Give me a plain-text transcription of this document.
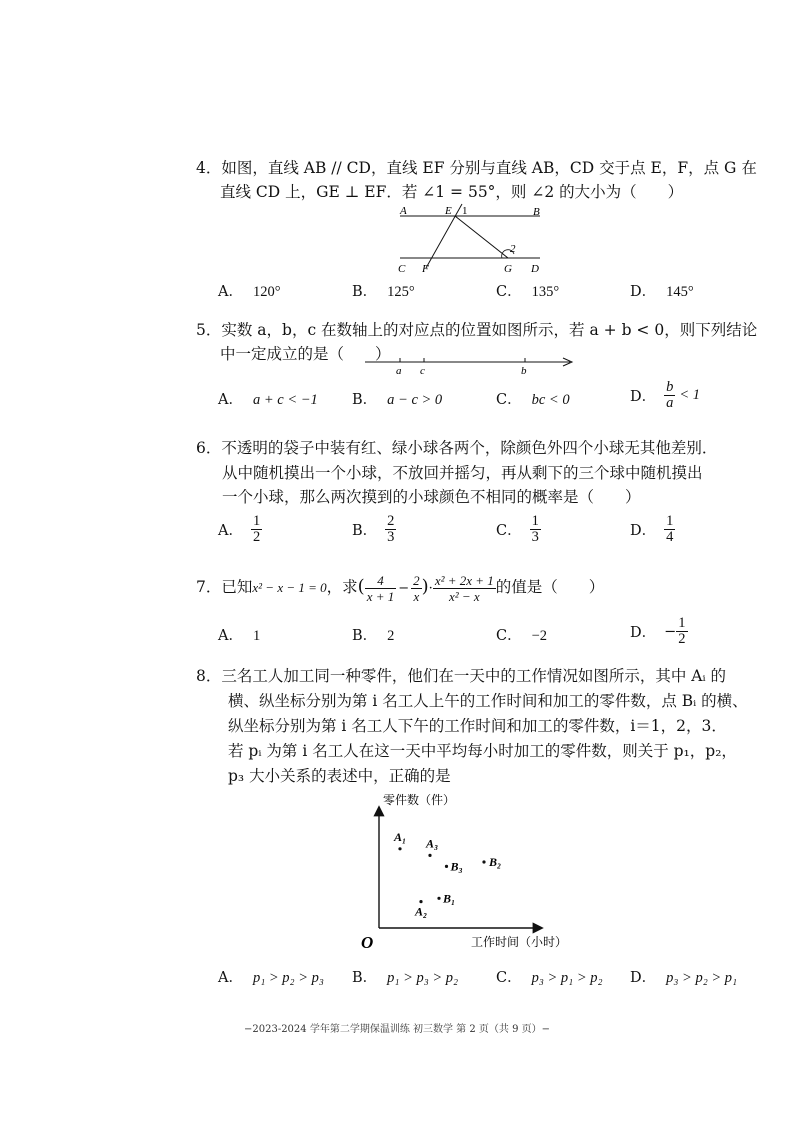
4．如图，直线 AB // CD，直线 EF 分别与直线 AB，CD 交于点 E，F，点 G 在
直线 CD 上，GE ⊥ EF．若 ∠1 = 55°，则 ∠2 的大小为（　　）
A	E 1	B
2
C F	G D
A． 120°	B． 125°	C． 135°	D． 145°
5．实数 a，b，c 在数轴上的对应点的位置如图所示，若 a + b < 0，则下列结论
中一定成立的是（　　）
a c	b
A． a + c < −1 B． a − c > 0	C． bc < 0	D． $\frac{b}{a} < 1$
6．不透明的袋子中装有红、绿小球各两个，除颜色外四个小球无其他差别．
从中随机摸出一个小球，不放回并摇匀，再从剩下的三个球中随机摸出
一个小球，那么两次摸到的小球颜色不相同的概率是（　　）
A． $\frac{1}{2}$	B． $\frac{2}{3}$	C． $\frac{1}{3}$	D． $\frac{1}{4}$
7．已知x² − x − 1 = 0，求( $\frac{4}{x + 1} - \frac{2}{x}$ )· $\frac{\text{x² + 2x + 1}}{\text{x² − x}}$ 的值是（　　）
A． 1	B． 2	C． −2	D． − $\frac{1}{2}$
8．三名工人加工同一种零件，他们在一天中的工作情况如图所示，其中 Aᵢ 的
横、纵坐标分别为第 i 名工人上午的工作时间和加工的零件数，点 Bᵢ 的横、
纵坐标分别为第 i 名工人下午的工作时间和加工的零件数，i＝1，2，3．
若 pᵢ 为第 i 名工人在这一天中平均每小时加工的零件数，则关于 p₁，p₂，
p₃ 大小关系的表述中，正确的是
零件数（件）
工作时间（小时）
O
A₁ A₃
B₃ B₂
A₂
B₁
A． p₁ > p₂ > p₃ B． p₁ > p₃ > p₂	C． p₃ > p₁ > p₂ D． p₃ > p₂ > p₁
−2023-2024 学年第二学期保温训练 初三数学 第 2 页（共 9 页）−
